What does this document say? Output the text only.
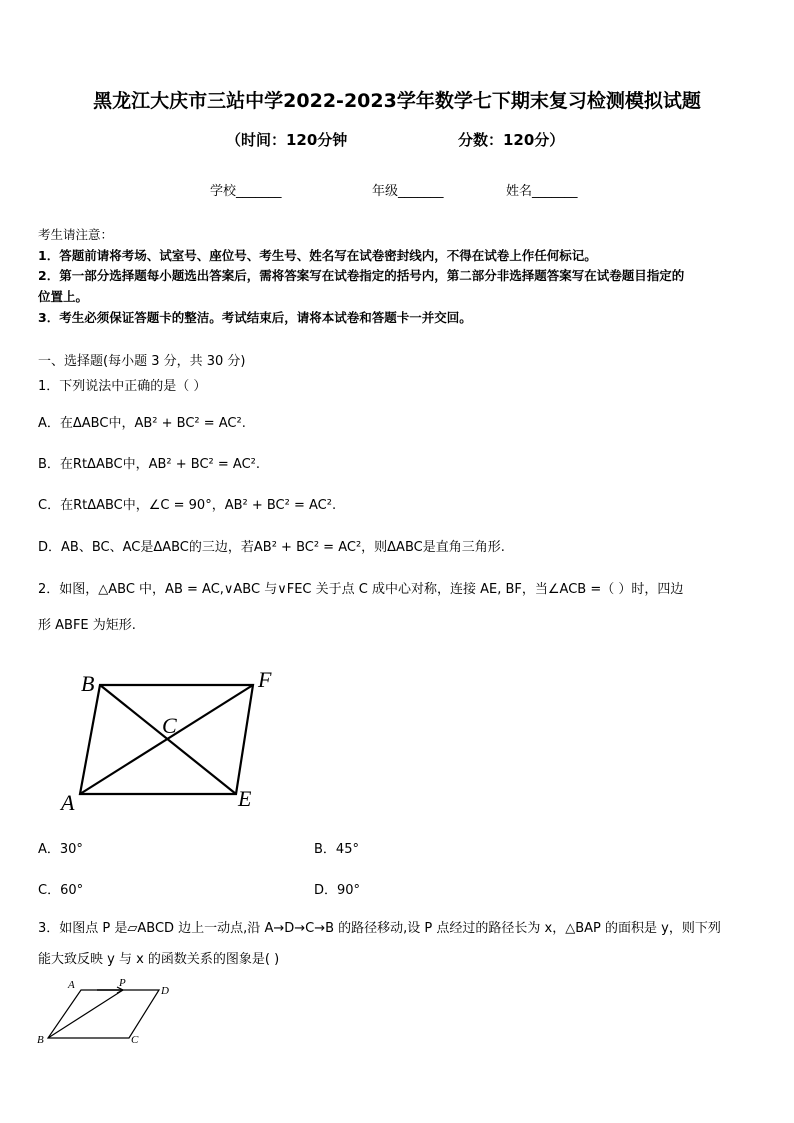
黑龙江大庆市三站中学2022-2023学年数学七下期末复习检测模拟试题
（时间：120分钟	分数：120分）
学校_______	年级_______	姓名_______
考生请注意：
1．答题前请将考场、试室号、座位号、考生号、姓名写在试卷密封线内，不得在试卷上作任何标记。
2．第一部分选择题每小题选出答案后，需将答案写在试卷指定的括号内，第二部分非选择题答案写在试卷题目指定的
位置上。
3．考生必须保证答题卡的整洁。考试结束后，请将本试卷和答题卡一并交回。
一、选择题(每小题 3 分，共 30 分)
1．下列说法中正确的是（ ）
A．在ΔABC中，AB² + BC² = AC².
B．在RtΔABC中，AB² + BC² = AC².
C．在RtΔABC中，∠C = 90°，AB² + BC² = AC².
D．AB、BC、AC是ΔABC的三边，若AB² + BC² = AC²，则ΔABC是直角三角形.
2．如图，△ABC 中，AB = AC,∨ABC 与∨FEC 关于点 C 成中心对称，连接 AE, BF，当∠ACB =（ ）时，四边
形 ABFE 为矩形.
B	F
C
A	E
A．30°	B．45°
C．60°	D．90°
3．如图点 P 是▱ABCD 边上一动点,沿 A→D→C→B 的路径移动,设 P 点经过的路径长为 x，△BAP 的面积是 y，则下列
能大致反映 y 与 x 的函数关系的图象是( )
A	P
D
B	C
